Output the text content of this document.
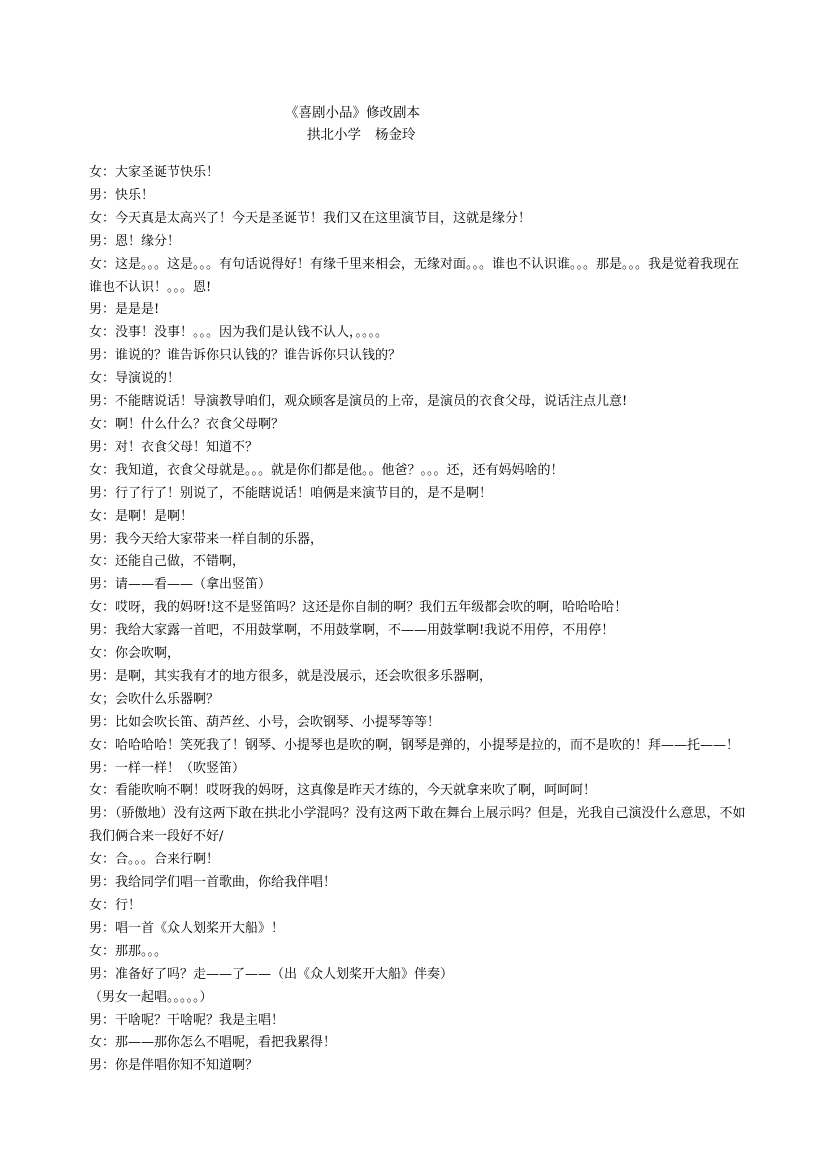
《喜剧小品》修改剧本
拱北小学 杨金玲

女：大家圣诞节快乐！

男：快乐！

女：今天真是太高兴了！今天是圣诞节！我们又在这里演节目，这就是缘分！

男：恩！缘分！

女：这是。。。这是。。。有句话说得好！有缘千里来相会，无缘对面。。。谁也不认识谁。。。那是。。。我是觉着我现在谁也不认识！。。。恩!

男：是是是!

女：没事！没事！。。。因为我们是认钱不认人，。。。。

男：谁说的？谁告诉你只认钱的？谁告诉你只认钱的？

女：导演说的！

男：不能瞎说话！导演教导咱们，观众顾客是演员的上帝，是演员的衣食父母，说话注点儿意!

女：啊！什么什么？衣食父母啊？

男：对！衣食父母！知道不？

女：我知道，衣食父母就是。。。就是你们都是他。。他爸？。。。还，还有妈妈啥的！

男：行了行了！别说了，不能瞎说话！咱俩是来演节目的，是不是啊！

女：是啊！是啊！

男：我今天给大家带来一样自制的乐器，

女：还能自己做，不错啊，

男：请——看——（拿出竖笛）

女：哎呀，我的妈呀!这不是竖笛吗？这还是你自制的啊？我们五年级都会吹的啊，哈哈哈哈！

男：我给大家露一首吧，不用鼓掌啊，不用鼓掌啊，不——用鼓掌啊!我说不用停，不用停！

女：你会吹啊，

男：是啊，其实我有才的地方很多，就是没展示，还会吹很多乐器啊，

女；会吹什么乐器啊？

男：比如会吹长笛、葫芦丝、小号，会吹钢琴、小提琴等等！

女：哈哈哈哈！笑死我了！钢琴、小提琴也是吹的啊，钢琴是弹的，小提琴是拉的，而不是吹的！拜——托——！

男：一样一样！（吹竖笛）

女：看能吹响不啊！哎呀我的妈呀，这真像是昨天才练的，今天就拿来吹了啊，呵呵呵！

男：（骄傲地）没有这两下敢在拱北小学混吗？没有这两下敢在舞台上展示吗？但是，光我自己演没什么意思，不如我们俩合来一段好不好/

女：合。。。合来行啊！

男：我给同学们唱一首歌曲，你给我伴唱！

女：行！

男：唱一首《众人划桨开大船》！

女：那那。。。

男：准备好了吗？走——了——（出《众人划桨开大船》伴奏）

（男女一起唱。。。。。）

男：干啥呢？干啥呢？我是主唱！

女：那——那你怎么不唱呢，看把我累得！

男：你是伴唱你知不知道啊？
